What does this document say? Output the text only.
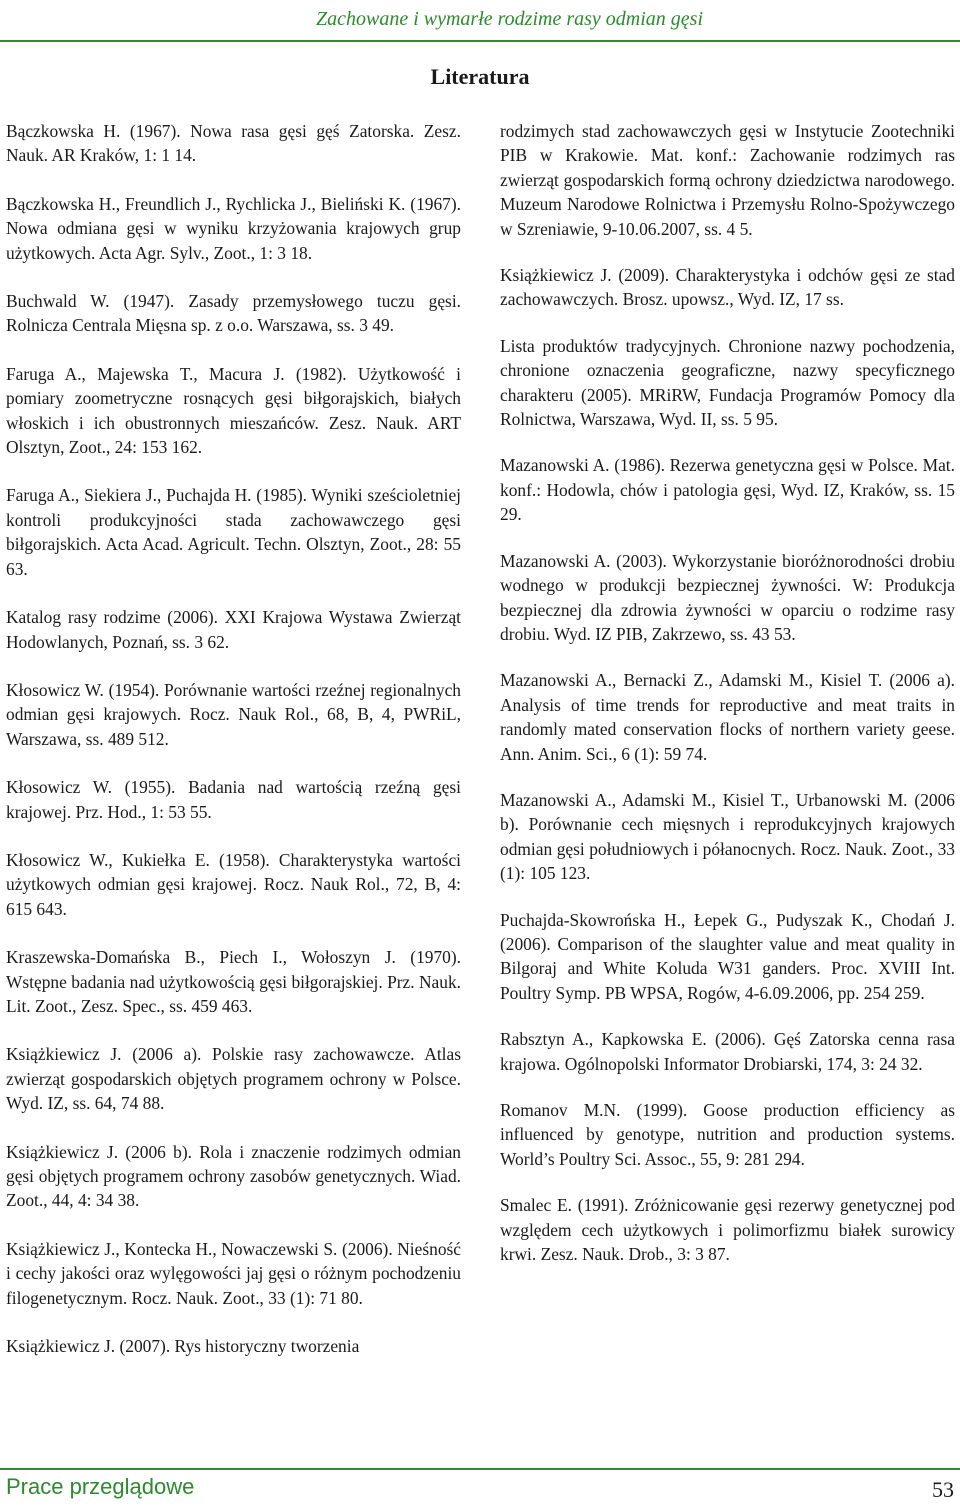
Zachowane i wymarłe rodzime rasy odmian gęsi
Literatura

Bączkowska H. (1967). Nowa rasa gęsi gęś Zatorska. Zesz. Nauk. AR Kraków, 1: 1 14.

Bączkowska H., Freundlich J., Rychlicka J., Bieliński K. (1967). Nowa odmiana gęsi w wyniku krzyżowania krajowych grup użytkowych. Acta Agr. Sylv., Zoot., 1: 3 18.

Buchwald W. (1947). Zasady przemysłowego tuczu gęsi. Rolnicza Centrala Mięsna sp. z o.o. Warszawa, ss. 3 49.

Faruga A., Majewska T., Macura J. (1982). Użytkowość i pomiary zoometryczne rosnących gęsi biłgorajskich, białych włoskich i ich obustronnych mieszańców. Zesz. Nauk. ART Olsztyn, Zoot., 24: 153 162.

Faruga A., Siekiera J., Puchajda H. (1985). Wyniki sześcioletniej kontroli produkcyjności stada zachowawczego gęsi biłgorajskich. Acta Acad. Agricult. Techn. Olsztyn, Zoot., 28: 55 63.

Katalog rasy rodzime (2006). XXI Krajowa Wystawa Zwierząt Hodowlanych, Poznań, ss. 3 62.

Kłosowicz W. (1954). Porównanie wartości rzeźnej regionalnych odmian gęsi krajowych. Rocz. Nauk Rol., 68, B, 4, PWRiL, Warszawa, ss. 489 512.

Kłosowicz W. (1955). Badania nad wartością rzeźną gęsi krajowej. Prz. Hod., 1: 53 55.

Kłosowicz W., Kukiełka E. (1958). Charakterystyka wartości użytkowych odmian gęsi krajowej. Rocz. Nauk Rol., 72, B, 4: 615 643.

Kraszewska-Domańska B., Piech I., Wołoszyn J. (1970). Wstępne badania nad użytkowością gęsi biłgorajskiej. Prz. Nauk. Lit. Zoot., Zesz. Spec., ss. 459 463.

Książkiewicz J. (2006 a). Polskie rasy zachowawcze. Atlas zwierząt gospodarskich objętych programem ochrony w Polsce. Wyd. IZ, ss. 64, 74 88.

Książkiewicz J. (2006 b). Rola i znaczenie rodzimych odmian gęsi objętych programem ochrony zasobów genetycznych. Wiad. Zoot., 44, 4: 34 38.

Książkiewicz J., Kontecka H., Nowaczewski S. (2006). Nieśność i cechy jakości oraz wylęgowości jaj gęsi o różnym pochodzeniu filogenetycznym. Rocz. Nauk. Zoot., 33 (1): 71 80.

Książkiewicz J. (2007). Rys historyczny tworzenia

rodzimych stad zachowawczych gęsi w Instytucie Zootechniki PIB w Krakowie. Mat. konf.: Zachowanie rodzimych ras zwierząt gospodarskich formą ochrony dziedzictwa narodowego. Muzeum Narodowe Rolnictwa i Przemysłu Rolno-Spożywczego w Szreniawie, 9-10.06.2007, ss. 4 5.

Książkiewicz J. (2009). Charakterystyka i odchów gęsi ze stad zachowawczych. Brosz. upowsz., Wyd. IZ, 17 ss.

Lista produktów tradycyjnych. Chronione nazwy pochodzenia, chronione oznaczenia geograficzne, nazwy specyficznego charakteru (2005). MRiRW, Fundacja Programów Pomocy dla Rolnictwa, Warszawa, Wyd. II, ss. 5 95.

Mazanowski A. (1986). Rezerwa genetyczna gęsi w Polsce. Mat. konf.: Hodowla, chów i patologia gęsi, Wyd. IZ, Kraków, ss. 15 29.

Mazanowski A. (2003). Wykorzystanie bioróżnorodności drobiu wodnego w produkcji bezpiecznej żywności. W: Produkcja bezpiecznej dla zdrowia żywności w oparciu o rodzime rasy drobiu. Wyd. IZ PIB, Zakrzewo, ss. 43 53.

Mazanowski A., Bernacki Z., Adamski M., Kisiel T. (2006 a). Analysis of time trends for reproductive and meat traits in randomly mated conservation flocks of northern variety geese. Ann. Anim. Sci., 6 (1): 59 74.

Mazanowski A., Adamski M., Kisiel T., Urbanowski M. (2006 b). Porównanie cech mięsnych i reprodukcyjnych krajowych odmian gęsi południowych i półanocnych. Rocz. Nauk. Zoot., 33 (1): 105 123.

Puchajda-Skowrońska H., Łepek G., Pudyszak K., Chodań J. (2006). Comparison of the slaughter value and meat quality in Bilgoraj and White Koluda W31 ganders. Proc. XVIII Int. Poultry Symp. PB WPSA, Rogów, 4-6.09.2006, pp. 254 259.

Rabsztyn A., Kapkowska E. (2006). Gęś Zatorska cenna rasa krajowa. Ogólnopolski Informator Drobiarski, 174, 3: 24 32.

Romanov M.N. (1999). Goose production efficiency as influenced by genotype, nutrition and production systems. World’s Poultry Sci. Assoc., 55, 9: 281 294.

Smalec E. (1991). Zróżnicowanie gęsi rezerwy genetycznej pod względem cech użytkowych i polimorfizmu białek surowicy krwi. Zesz. Nauk. Drob., 3: 3 87.

Prace przeglądowe	53
